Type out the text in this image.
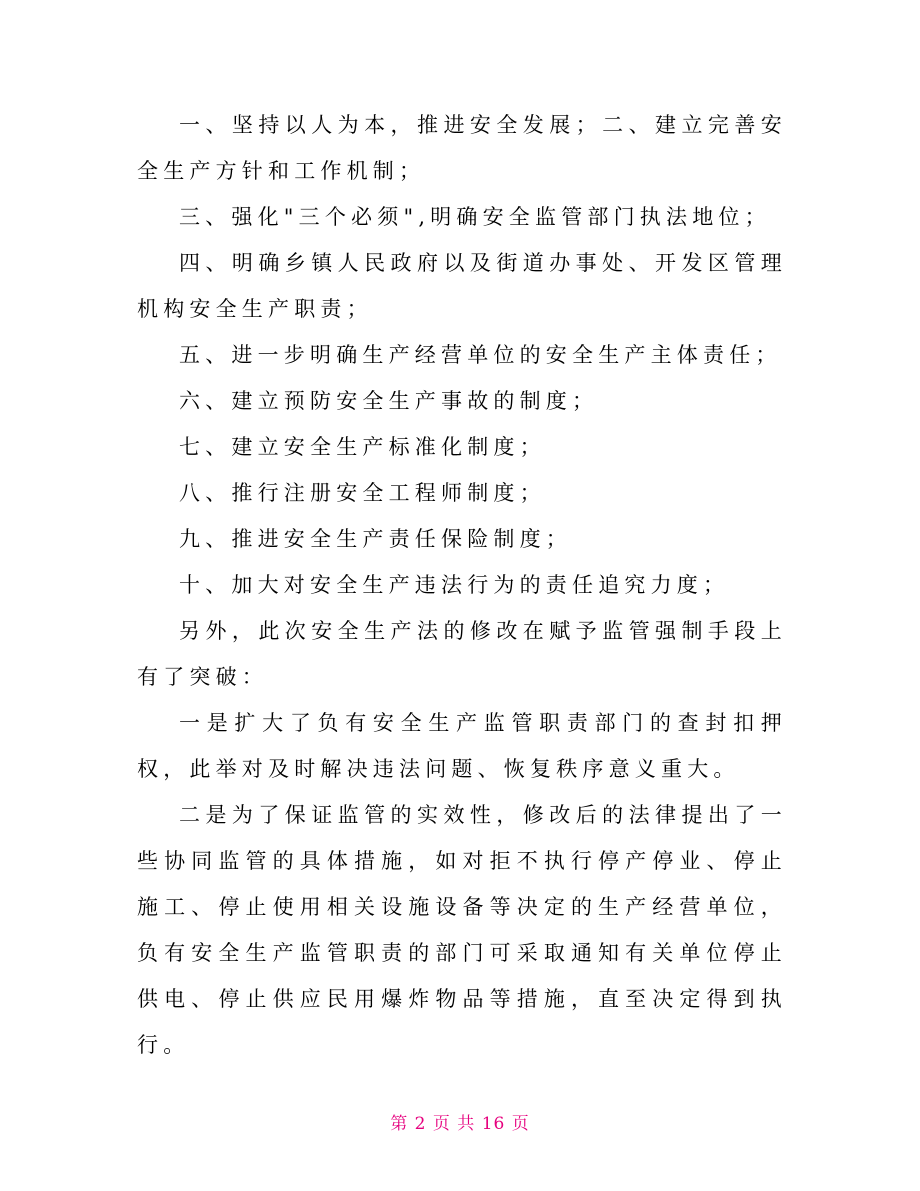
一、坚持以人为本，推进安全发展；二、建立完善安全生产方针和工作机制；

三、强化"三个必须",明确安全监管部门执法地位；

四、明确乡镇人民政府以及街道办事处、开发区管理机构安全生产职责；

五、进一步明确生产经营单位的安全生产主体责任；

六、建立预防安全生产事故的制度；

七、建立安全生产标准化制度；

八、推行注册安全工程师制度；

九、推进安全生产责任保险制度；

十、加大对安全生产违法行为的责任追究力度；

另外，此次安全生产法的修改在赋予监管强制手段上有了突破：

一是扩大了负有安全生产监管职责部门的查封扣押权，此举对及时解决违法问题、恢复秩序意义重大。

二是为了保证监管的实效性，修改后的法律提出了一些协同监管的具体措施，如对拒不执行停产停业、停止施工、停止使用相关设施设备等决定的生产经营单位，负有安全生产监管职责的部门可采取通知有关单位停止供电、停止供应民用爆炸物品等措施，直至决定得到执行。

第 2 页 共 16 页
